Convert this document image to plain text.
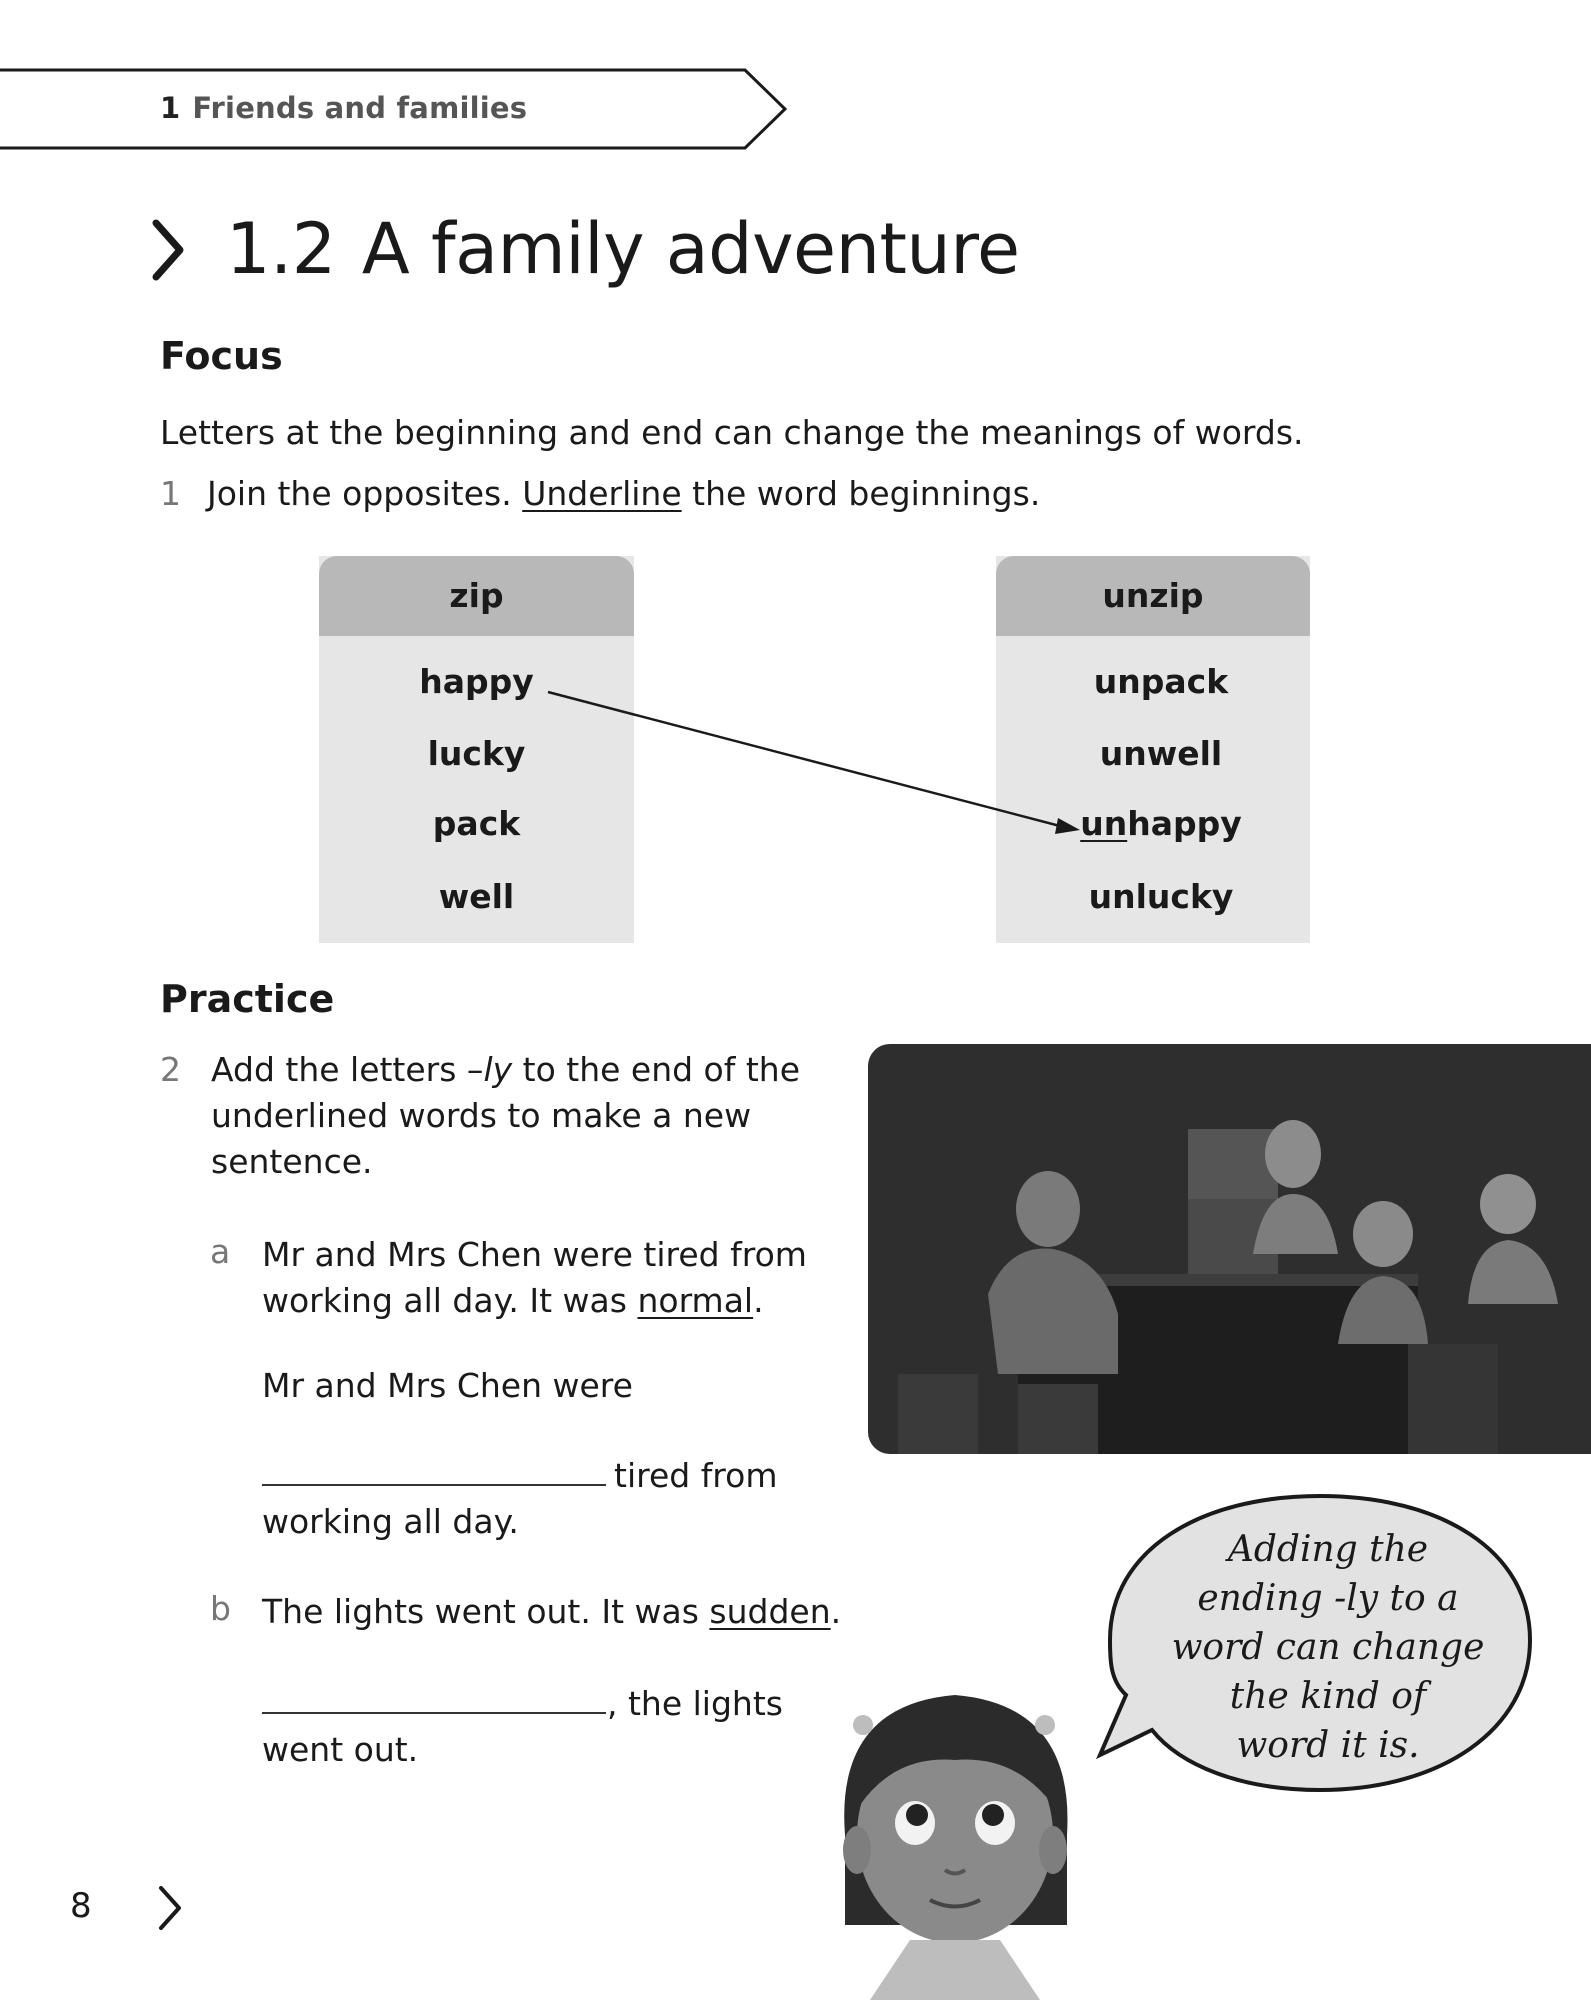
1 Friends and families
1.2 A family adventure
Focus
Letters at the beginning and end can change the meanings of words.
1 Join the opposites. Underline the word beginnings.
zip
happy
lucky
pack
well
unzip
unpack
unwell
unhappy
unlucky
Practice
2 Add the letters –ly to the end of the underlined words to make a new sentence.
a Mr and Mrs Chen were tired from working all day. It was normal.
Mr and Mrs Chen were
tired from
working all day.
b The lights went out. It was sudden.
, the lights
went out.
Adding the
ending -ly to a
word can change
the kind of
word it is.
8
